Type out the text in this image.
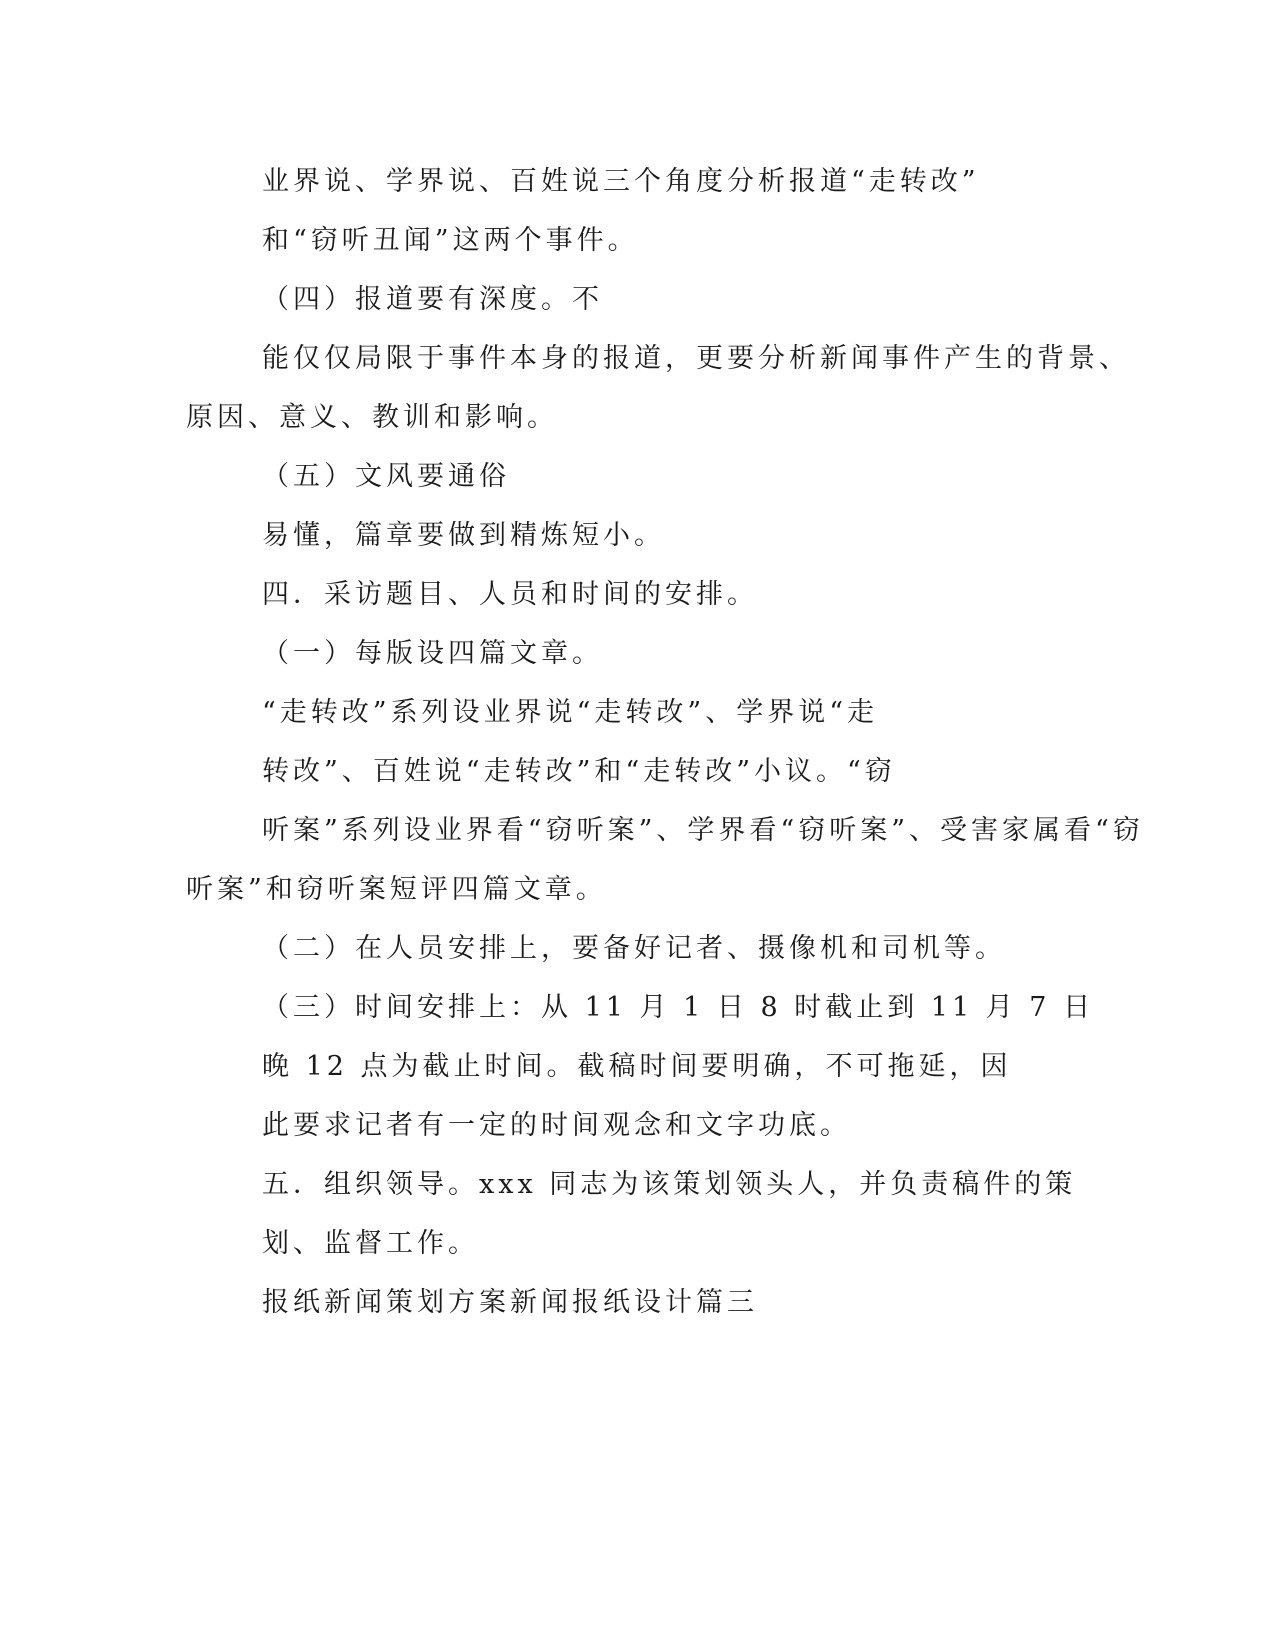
业界说、学界说、百姓说三个角度分析报道“走转改”
和“窃听丑闻”这两个事件。
（四）报道要有深度。不
能仅仅局限于事件本身的报道，更要分析新闻事件产生的背景、
原因、意义、教训和影响。
（五）文风要通俗
易懂，篇章要做到精炼短小。
四．采访题目、人员和时间的安排。
（一）每版设四篇文章。
“走转改”系列设业界说“走转改”、学界说“走
转改”、百姓说“走转改”和“走转改”小议。“窃
听案”系列设业界看“窃听案”、学界看“窃听案”、受害家属看“窃
听案”和窃听案短评四篇文章。
（二）在人员安排上，要备好记者、摄像机和司机等。
（三）时间安排上：从 11 月 1 日 8 时截止到 11 月 7 日
晚 12 点为截止时间。截稿时间要明确，不可拖延，因
此要求记者有一定的时间观念和文字功底。
五．组织领导。xxx 同志为该策划领头人，并负责稿件的策
划、监督工作。
报纸新闻策划方案新闻报纸设计篇三
